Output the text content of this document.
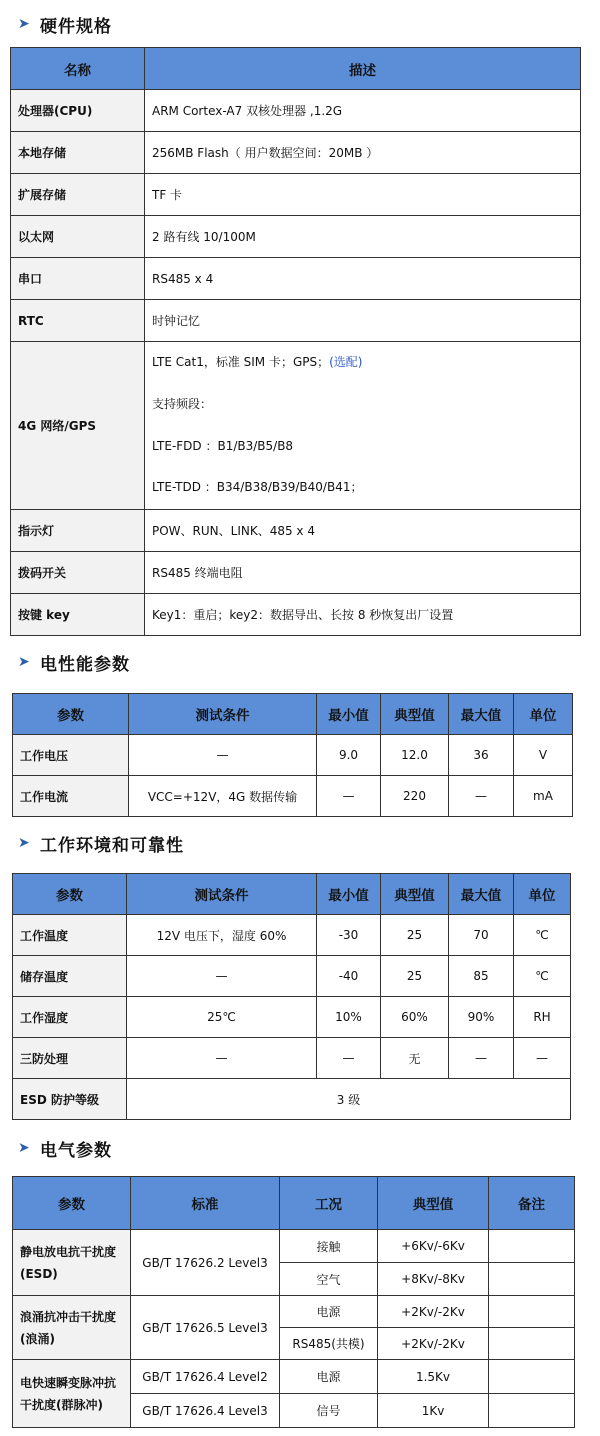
➤ 硬件规格
名称	描述
处理器(CPU)	ARM Cortex-A7 双核处理器 ,1.2G
本地存储	256MB Flash（ 用户数据空间：20MB ）
扩展存储	TF 卡
以太网	2 路有线 10/100M
串口	RS485 x 4
RTC	时钟记忆
4G 网络/GPS	LTE Cat1，标准 SIM 卡；GPS；(选配)
支持频段：
LTE-FDD ：B1/B3/B5/B8
LTE-TDD ：B34/B38/B39/B40/B41；

指示灯	POW、RUN、LINK、485 x 4
拨码开关	RS485 终端电阻
按键 key	Key1：重启；key2：数据导出、长按 8 秒恢复出厂设置
➤ 电性能参数
参数	测试条件	最小值	典型值	最大值	单位
工作电压	—	9.0	12.0	36	V
工作电流	VCC=+12V，4G 数据传输	—	220	—	mA
➤ 工作环境和可靠性
参数	测试条件	最小值	典型值	最大值	单位
工作温度	12V 电压下，湿度 60%	-30	25	70	℃
储存温度	—	-40	25	85	℃
工作湿度	25℃	10%	60%	90%	RH
三防处理	—	—	无	—	—
ESD 防护等级	3 级				
➤ 电气参数
参数	标准	工况	典型值	备注
静电放电抗干扰度
(ESD)	GB/T 17626.2 Level3	接触	+6Kv/-6Kv	
		空气	+8Kv/-8Kv	
浪涌抗冲击干扰度
(浪涌)	GB/T 17626.5 Level3	电源	+2Kv/-2Kv	
		RS485(共模)	+2Kv/-2Kv	
电快速瞬变脉冲抗
干扰度(群脉冲)	GB/T 17626.4 Level2	电源	1.5Kv	
	GB/T 17626.4 Level3	信号	1Kv	
